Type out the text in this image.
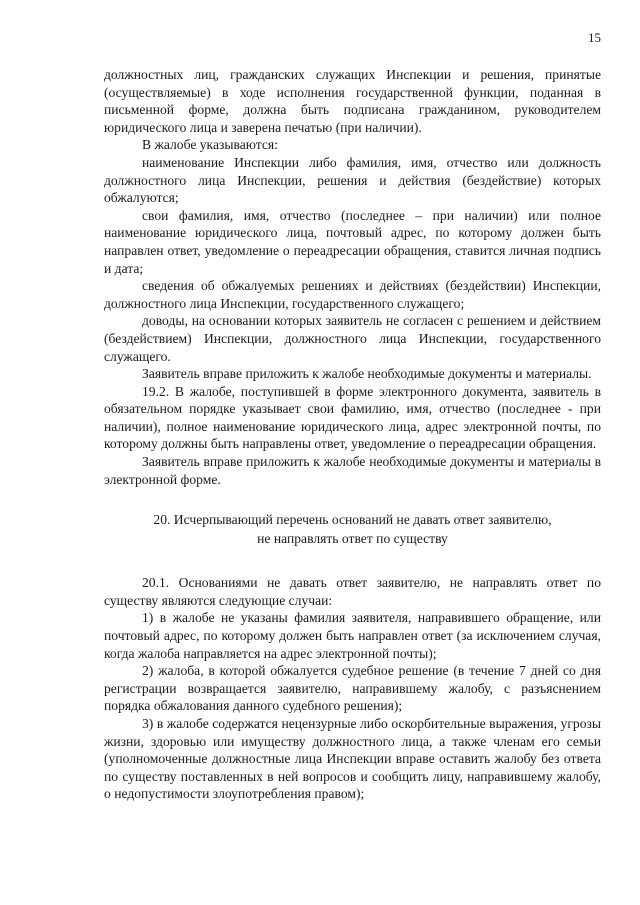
15

должностных лиц, гражданских служащих Инспекции и решения, принятые (осуществляемые) в ходе исполнения государственной функции, поданная в письменной форме, должна быть подписана гражданином, руководителем юридического лица и заверена печатью (при наличии).

В жалобе указываются:

наименование Инспекции либо фамилия, имя, отчество или должность должностного лица Инспекции, решения и действия (бездействие) которых обжалуются;

свои фамилия, имя, отчество (последнее – при наличии) или полное наименование юридического лица, почтовый адрес, по которому должен быть направлен ответ, уведомление о переадресации обращения, ставится личная подпись и дата;

сведения об обжалуемых решениях и действиях (бездействии) Инспекции, должностного лица Инспекции, государственного служащего;

доводы, на основании которых заявитель не согласен с решением и действием (бездействием) Инспекции, должностного лица Инспекции, государственного служащего.

Заявитель вправе приложить к жалобе необходимые документы и материалы.

19.2. В жалобе, поступившей в форме электронного документа, заявитель в обязательном порядке указывает свои фамилию, имя, отчество (последнее - при наличии), полное наименование юридического лица, адрес электронной почты, по которому должны быть направлены ответ, уведомление о переадресации обращения.

Заявитель вправе приложить к жалобе необходимые документы и материалы в электронной форме.

20. Исчерпывающий перечень оснований не давать ответ заявителю,
не направлять ответ по существу

20.1. Основаниями не давать ответ заявителю, не направлять ответ по существу являются следующие случаи:

1) в жалобе не указаны фамилия заявителя, направившего обращение, или почтовый адрес, по которому должен быть направлен ответ (за исключением случая, когда жалоба направляется на адрес электронной почты);

2) жалоба, в которой обжалуется судебное решение (в течение 7 дней со дня регистрации возвращается заявителю, направившему жалобу, с разъяснением порядка обжалования данного судебного решения);

3) в жалобе содержатся нецензурные либо оскорбительные выражения, угрозы жизни, здоровью или имуществу должностного лица, а также членам его семьи (уполномоченные должностные лица Инспекции вправе оставить жалобу без ответа по существу поставленных в ней вопросов и сообщить лицу, направившему жалобу, о недопустимости злоупотребления правом);
